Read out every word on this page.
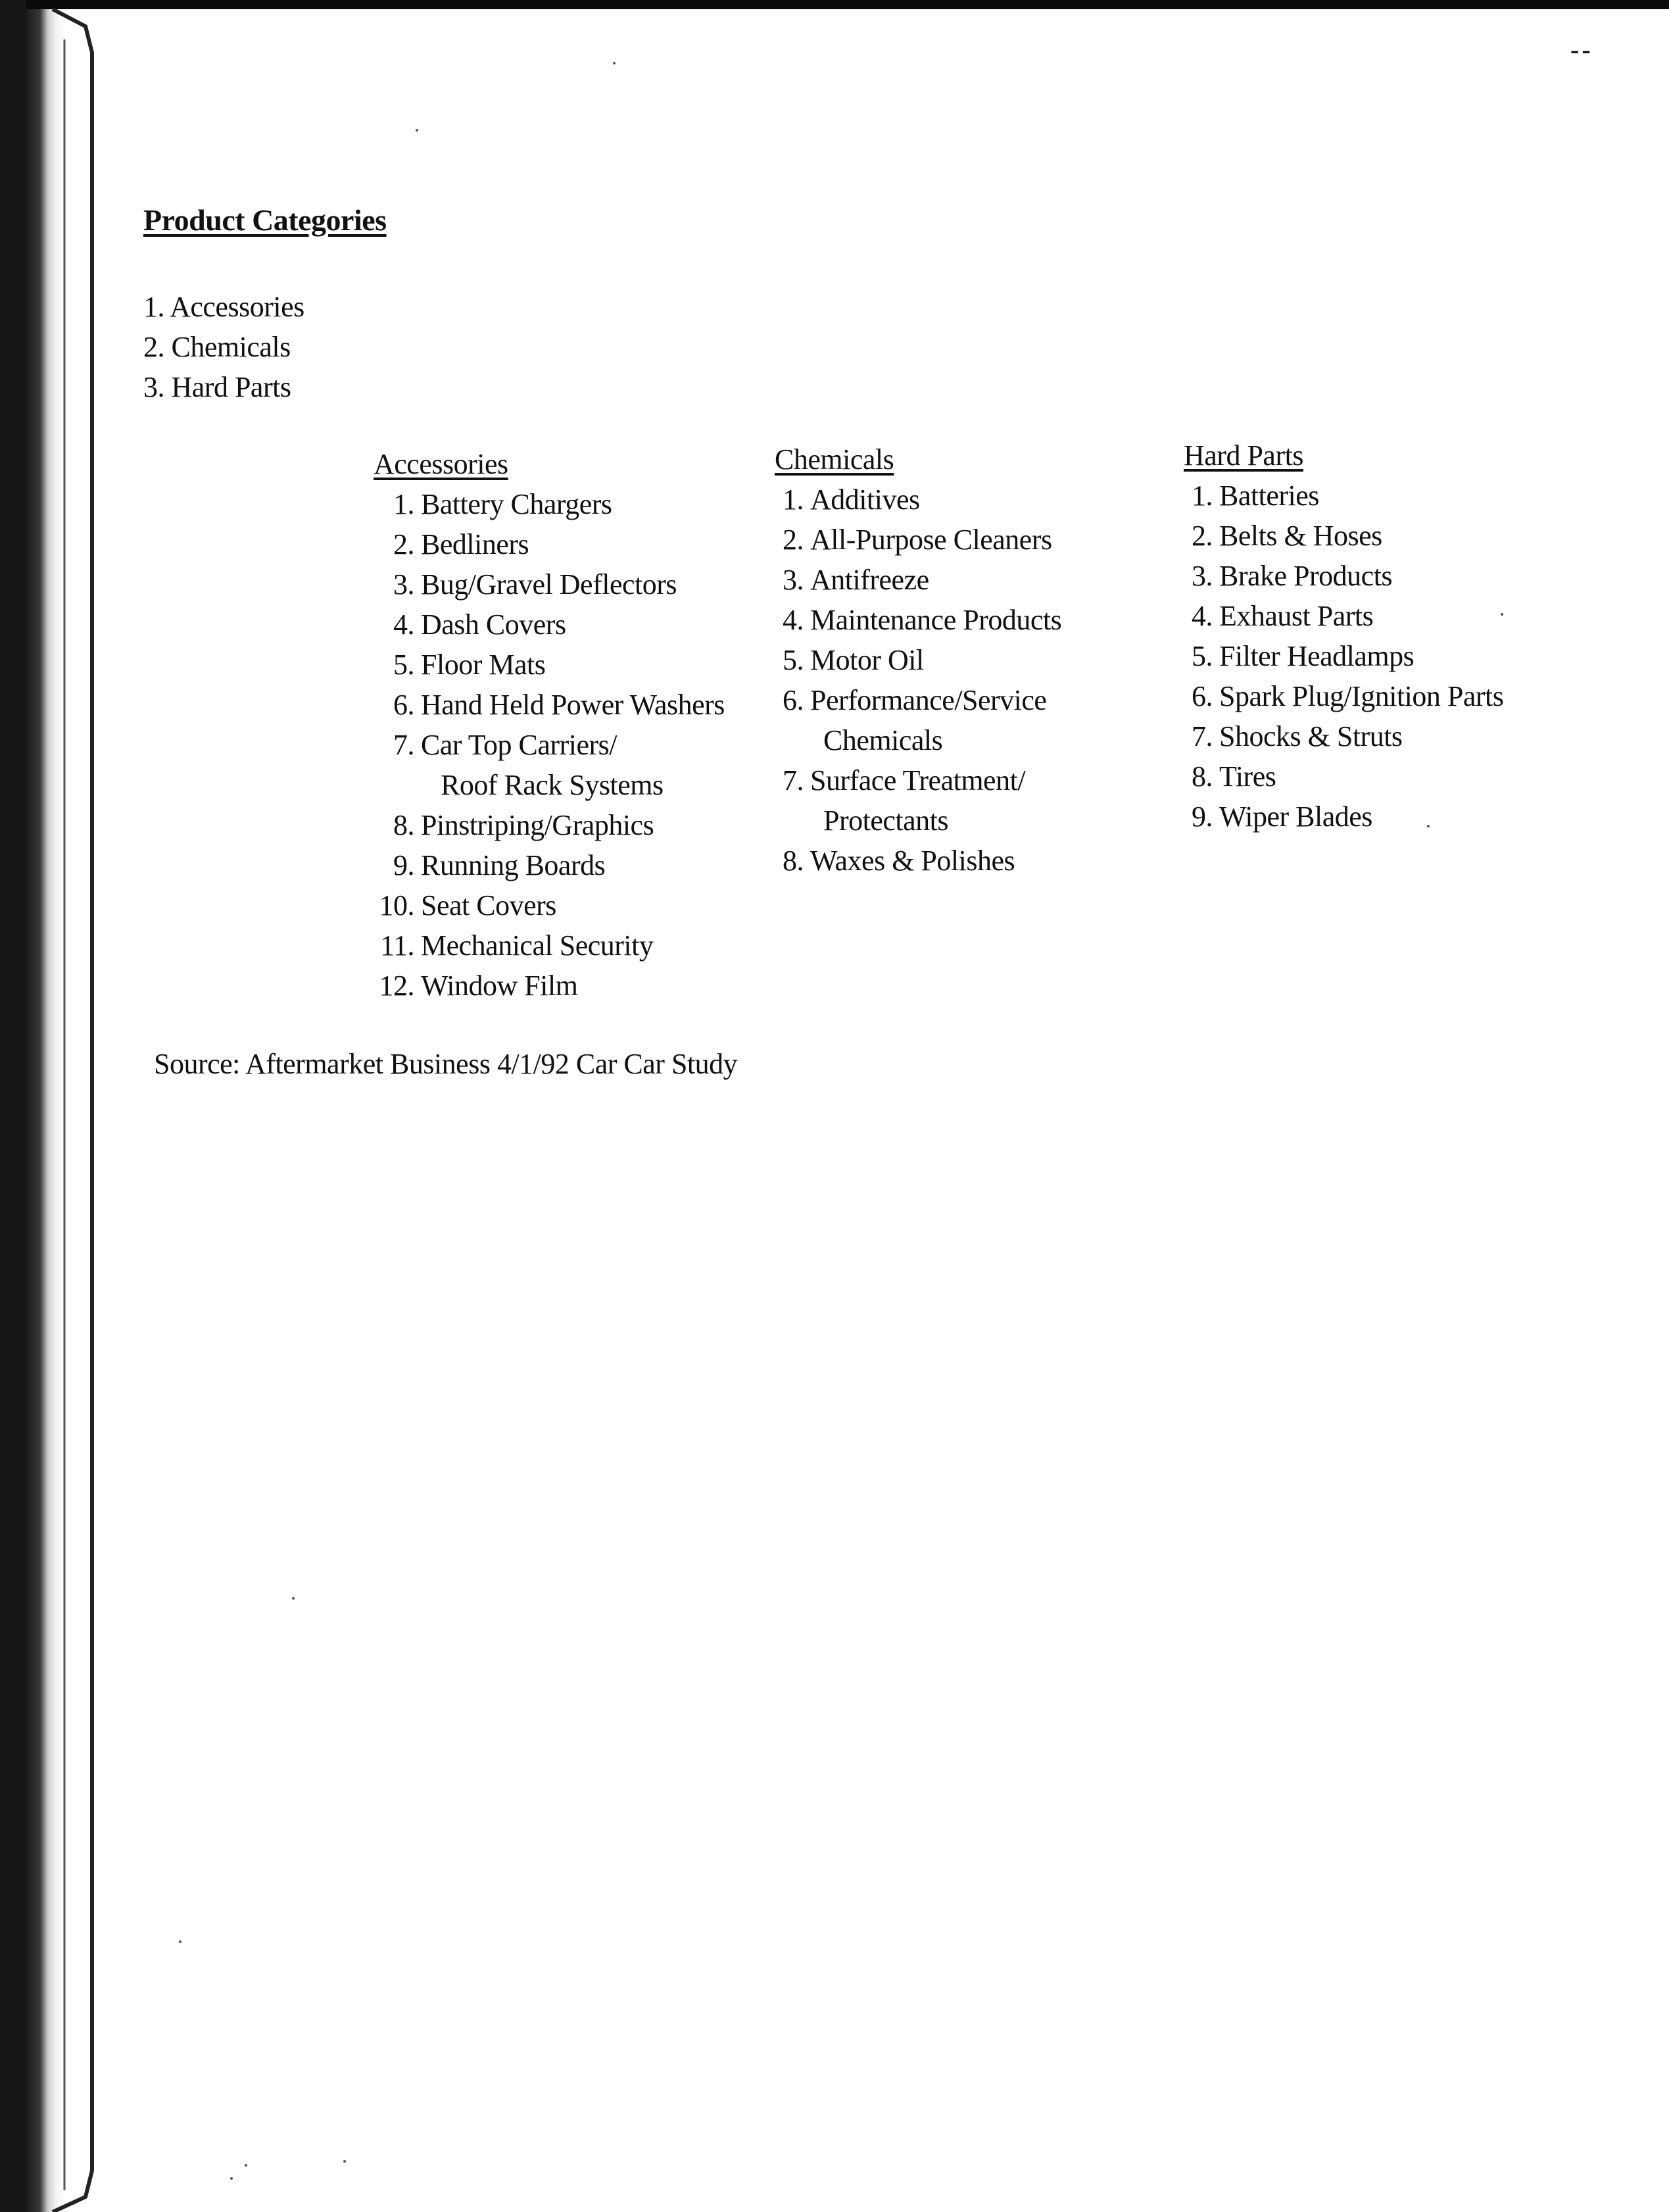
--
Product Categories
1. Accessories
2. Chemicals
3. Hard Parts
Accessories
1. Battery Chargers
2. Bedliners
3. Bug/Gravel Deflectors
4. Dash Covers
5. Floor Mats
6. Hand Held Power Washers
7. Car Top Carriers/
Roof Rack Systems
8. Pinstriping/Graphics
9. Running Boards
10. Seat Covers
11. Mechanical Security
12. Window Film
Chemicals
1. Additives
2. All-Purpose Cleaners
3. Antifreeze
4. Maintenance Products
5. Motor Oil
6. Performance/Service
Chemicals
7. Surface Treatment/
Protectants
8. Waxes & Polishes
Hard Parts
1. Batteries
2. Belts & Hoses
3. Brake Products
4. Exhaust Parts
5. Filter Headlamps
6. Spark Plug/Ignition Parts
7. Shocks & Struts
8. Tires
9. Wiper Blades
Source: Aftermarket Business 4/1/92 Car Car Study
